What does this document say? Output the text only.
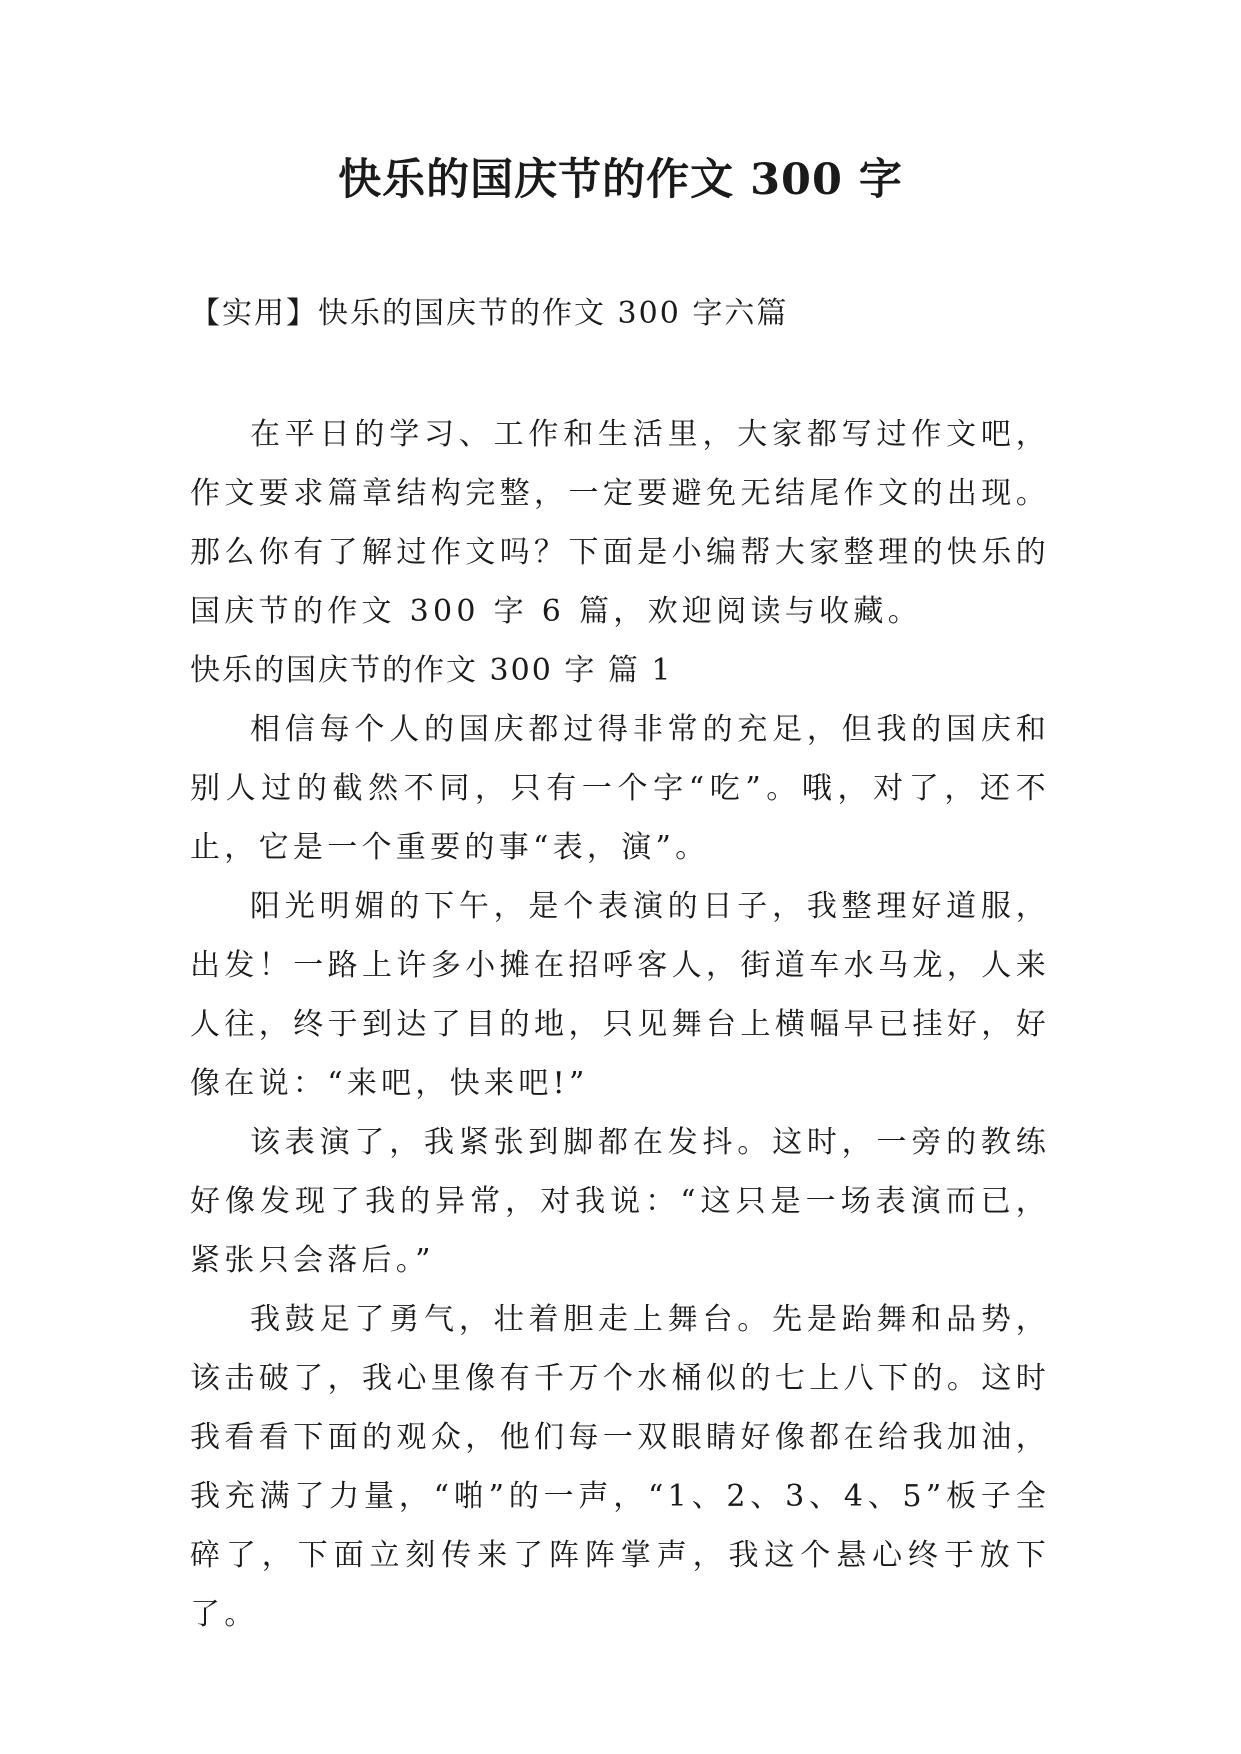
快乐的国庆节的作文 300 字
【实用】快乐的国庆节的作文 300 字六篇

在平日的学习、工作和生活里，大家都写过作文吧，作文要求篇章结构完整，一定要避免无结尾作文的出现。那么你有了解过作文吗？下面是小编帮大家整理的快乐的国庆节的作文 300 字 6 篇，欢迎阅读与收藏。

快乐的国庆节的作文 300 字 篇 1

相信每个人的国庆都过得非常的充足，但我的国庆和别人过的截然不同，只有一个字“吃”。哦，对了，还不止，它是一个重要的事“表，演”。

阳光明媚的下午，是个表演的日子，我整理好道服，出发！一路上许多小摊在招呼客人，街道车水马龙，人来人往，终于到达了目的地，只见舞台上横幅早已挂好，好像在说：“来吧，快来吧!”

该表演了，我紧张到脚都在发抖。这时，一旁的教练好像发现了我的异常，对我说：“这只是一场表演而已，紧张只会落后。”

我鼓足了勇气，壮着胆走上舞台。先是跆舞和品势，该击破了，我心里像有千万个水桶似的七上八下的。这时我看看下面的观众，他们每一双眼睛好像都在给我加油，我充满了力量，“啪”的一声，“1、2、3、4、5”板子全碎了，下面立刻传来了阵阵掌声，我这个悬心终于放下了。
